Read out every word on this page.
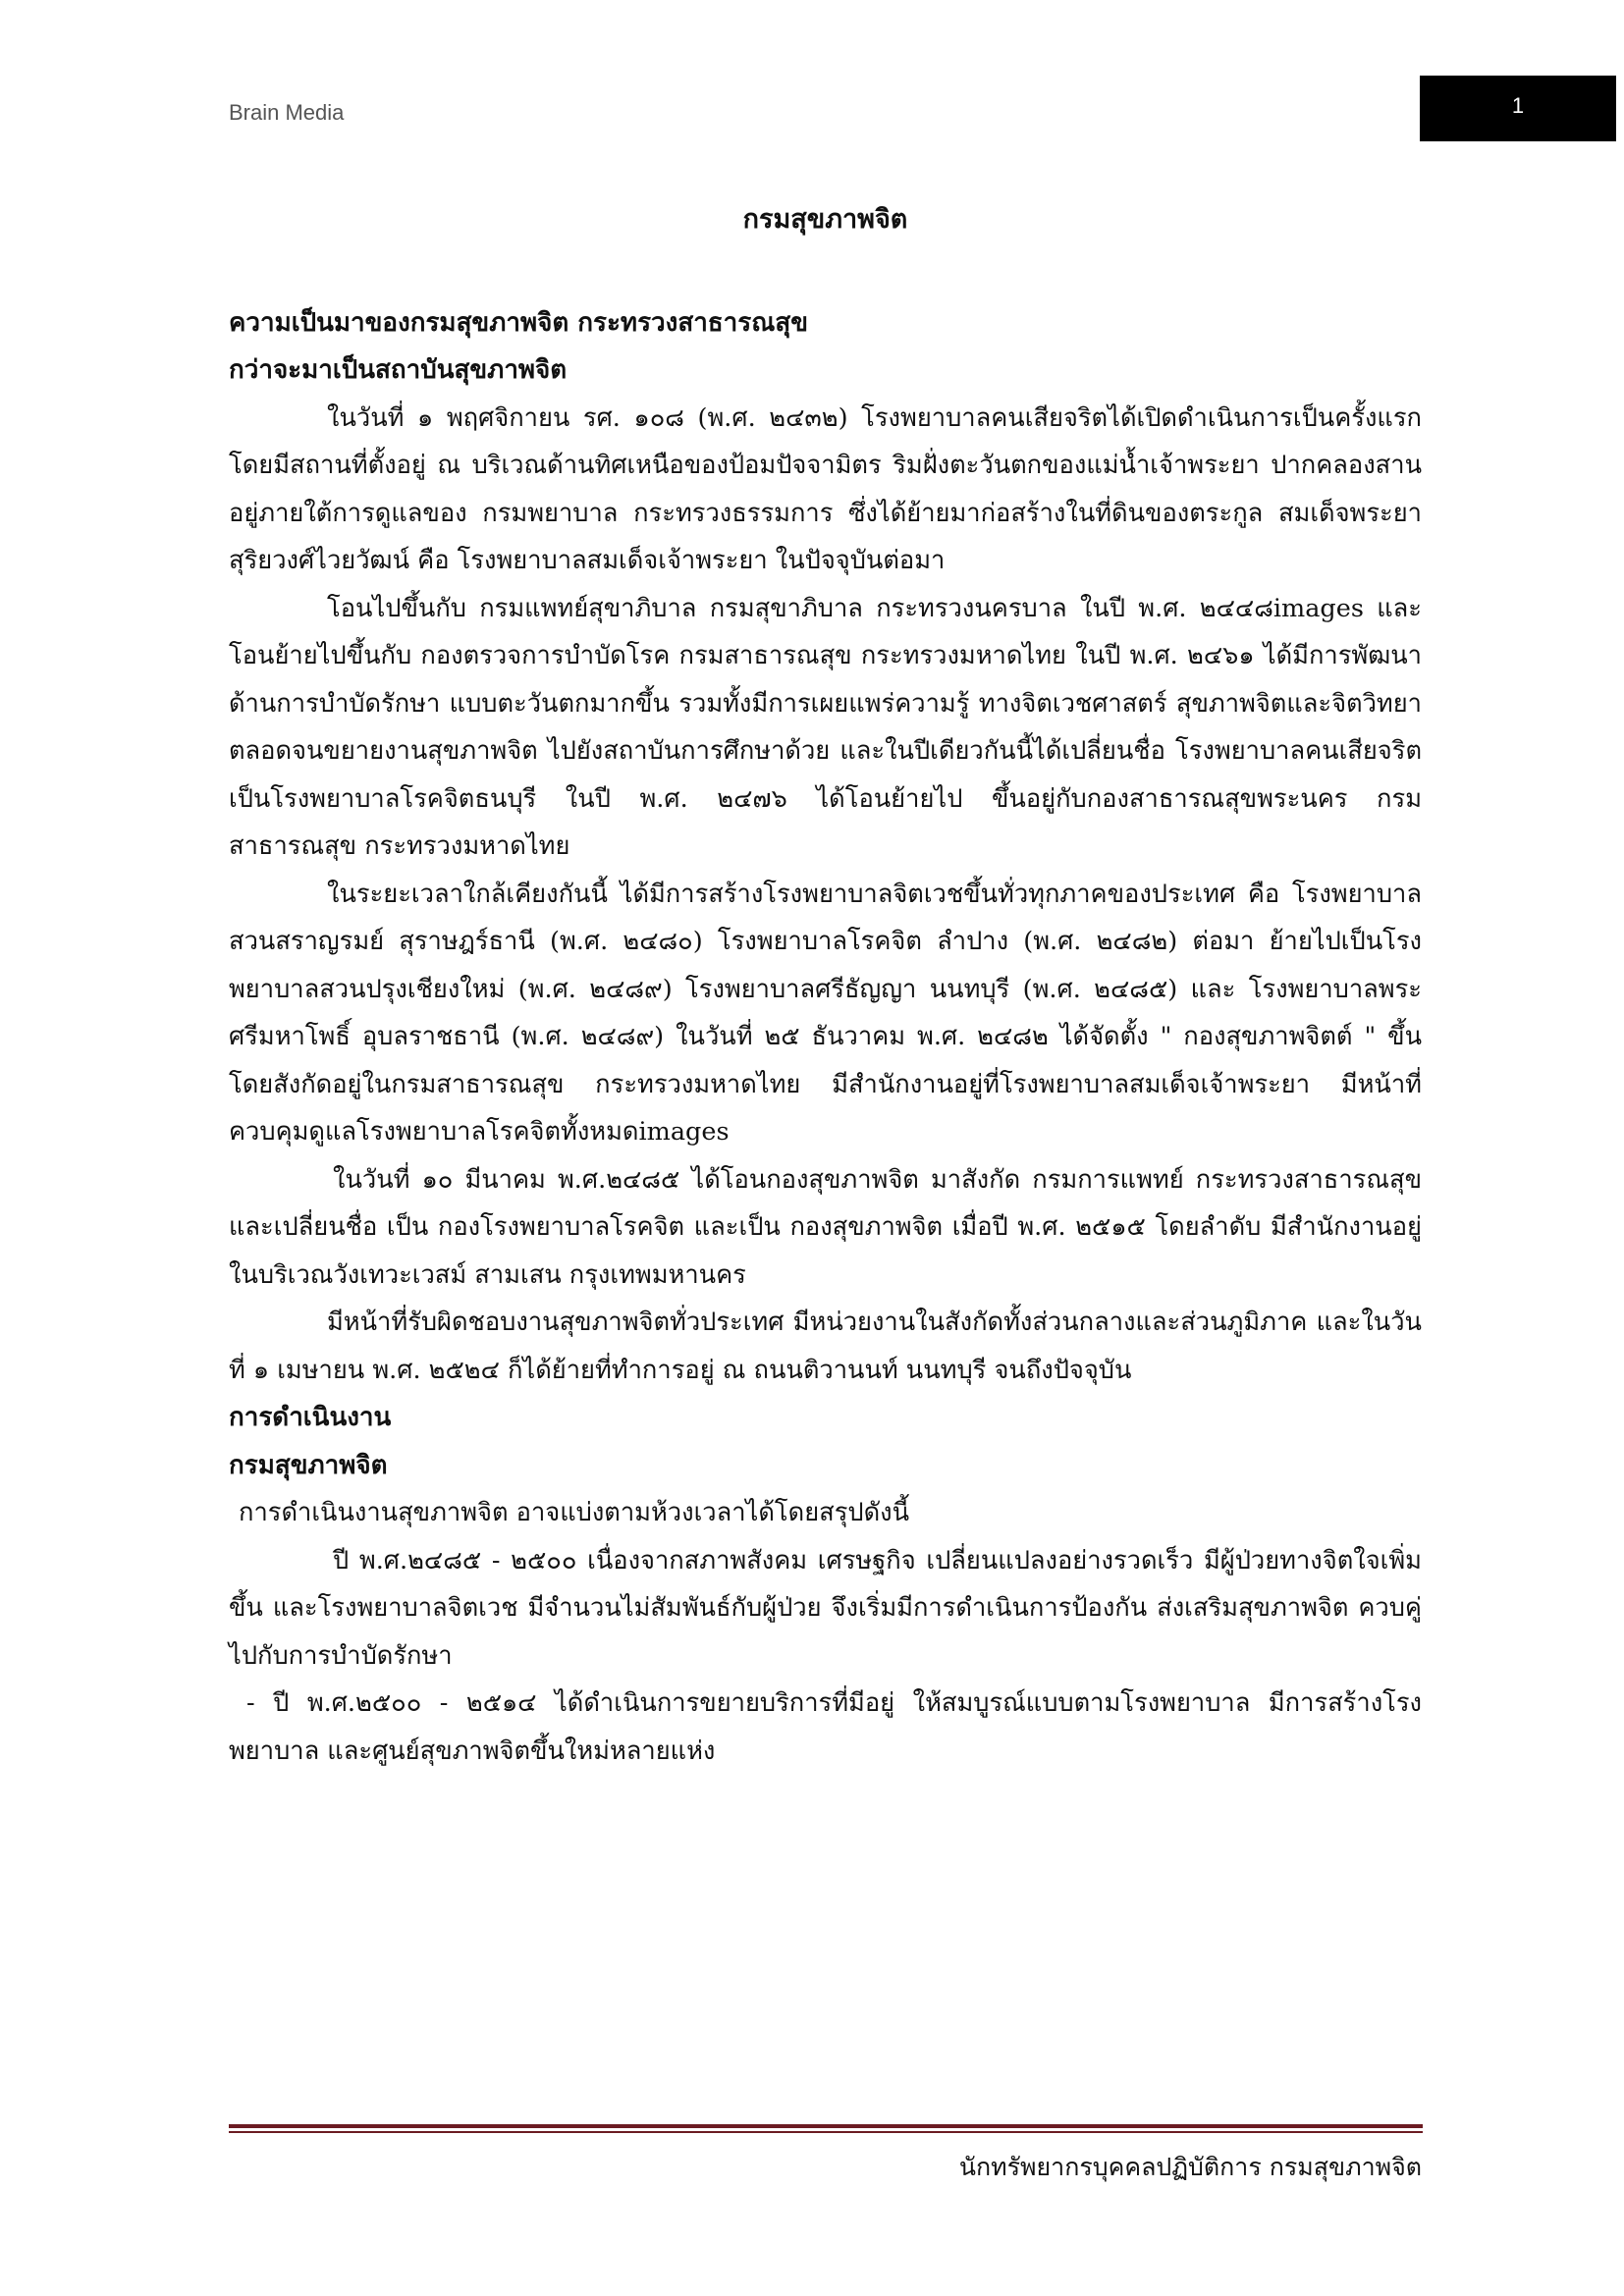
Brain Media	1

กรมสุขภาพจิต

ความเป็นมาของกรมสุขภาพจิต กระทรวงสาธารณสุข

กว่าจะมาเป็นสถาบันสุขภาพจิต

ในวันที่ ๑ พฤศจิกายน รศ. ๑๐๘ (พ.ศ. ๒๔๓๒) โรงพยาบาลคนเสียจริตได้เปิดดำเนินการเป็นครั้งแรก โดยมีสถานที่ตั้งอยู่ ณ บริเวณด้านทิศเหนือของป้อมปัจจามิตร ริมฝั่งตะวันตกของแม่น้ำเจ้าพระยา ปากคลองสาน อยู่ภายใต้การดูแลของ กรมพยาบาล กระทรวงธรรมการ ซึ่งได้ย้ายมาก่อสร้างในที่ดินของตระกูล สมเด็จพระยาสุริยวงศ์ไวยวัฒน์ คือ โรงพยาบาลสมเด็จเจ้าพระยา ในปัจจุบันต่อมา

โอนไปขึ้นกับ กรมแพทย์สุขาภิบาล กรมสุขาภิบาล กระทรวงนครบาล ในปี พ.ศ. ๒๔๔๘images และโอนย้ายไปขึ้นกับ กองตรวจการบำบัดโรค กรมสาธารณสุข กระทรวงมหาดไทย ในปี พ.ศ. ๒๔๖๑ ได้มีการพัฒนาด้านการบำบัดรักษา แบบตะวันตกมากขึ้น รวมทั้งมีการเผยแพร่ความรู้ ทางจิตเวชศาสตร์ สุขภาพจิตและจิตวิทยา ตลอดจนขยายงานสุขภาพจิต ไปยังสถาบันการศึกษาด้วย และในปีเดียวกันนี้ได้เปลี่ยนชื่อ โรงพยาบาลคนเสียจริต เป็นโรงพยาบาลโรคจิตธนบุรี ในปี พ.ศ. ๒๔๗๖ ได้โอนย้ายไป ขึ้นอยู่กับกองสาธารณสุขพระนคร กรมสาธารณสุข กระทรวงมหาดไทย

ในระยะเวลาใกล้เคียงกันนี้ ได้มีการสร้างโรงพยาบาลจิตเวชขึ้นทั่วทุกภาคของประเทศ คือ โรงพยาบาลสวนสราญรมย์ สุราษฎร์ธานี (พ.ศ. ๒๔๘๐) โรงพยาบาลโรคจิต ลำปาง (พ.ศ. ๒๔๘๒) ต่อมา ย้ายไปเป็นโรงพยาบาลสวนปรุงเชียงใหม่ (พ.ศ. ๒๔๘๙) โรงพยาบาลศรีธัญญา นนทบุรี (พ.ศ. ๒๔๘๕) และ โรงพยาบาลพระศรีมหาโพธิ์ อุบลราชธานี (พ.ศ. ๒๔๘๙) ในวันที่ ๒๕ ธันวาคม พ.ศ. ๒๔๘๒ ได้จัดตั้ง " กองสุขภาพจิตต์ " ขึ้น โดยสังกัดอยู่ในกรมสาธารณสุข กระทรวงมหาดไทย มีสำนักงานอยู่ที่โรงพยาบาลสมเด็จเจ้าพระยา มีหน้าที่ควบคุมดูแลโรงพยาบาลโรคจิตทั้งหมดimages

ในวันที่ ๑๐ มีนาคม พ.ศ.๒๔๘๕ ได้โอนกองสุขภาพจิต มาสังกัด กรมการแพทย์ กระทรวงสาธารณสุข และเปลี่ยนชื่อ เป็น กองโรงพยาบาลโรคจิต และเป็น กองสุขภาพจิต เมื่อปี พ.ศ. ๒๕๑๕ โดยลำดับ มีสำนักงานอยู่ในบริเวณวังเทวะเวสม์ สามเสน กรุงเทพมหานคร

มีหน้าที่รับผิดชอบงานสุขภาพจิตทั่วประเทศ มีหน่วยงานในสังกัดทั้งส่วนกลางและส่วนภูมิภาค และในวันที่ ๑ เมษายน พ.ศ. ๒๕๒๔ ก็ได้ย้ายที่ทำการอยู่ ณ ถนนติวานนท์ นนทบุรี จนถึงปัจจุบัน

การดำเนินงาน

กรมสุขภาพจิต

การดำเนินงานสุขภาพจิต อาจแบ่งตามห้วงเวลาได้โดยสรุปดังนี้

ปี พ.ศ.๒๔๘๕ - ๒๕๐๐ เนื่องจากสภาพสังคม เศรษฐกิจ เปลี่ยนแปลงอย่างรวดเร็ว มีผู้ป่วยทางจิตใจเพิ่มขึ้น และโรงพยาบาลจิตเวช มีจำนวนไม่สัมพันธ์กับผู้ป่วย จึงเริ่มมีการดำเนินการป้องกัน ส่งเสริมสุขภาพจิต ควบคู่ไปกับการบำบัดรักษา

- ปี พ.ศ.๒๕๐๐ - ๒๕๑๔ ได้ดำเนินการขยายบริการที่มีอยู่ ให้สมบูรณ์แบบตามโรงพยาบาล มีการสร้างโรงพยาบาล และศูนย์สุขภาพจิตขึ้นใหม่หลายแห่ง

นักทรัพยากรบุคคลปฏิบัติการ กรมสุขภาพจิต
